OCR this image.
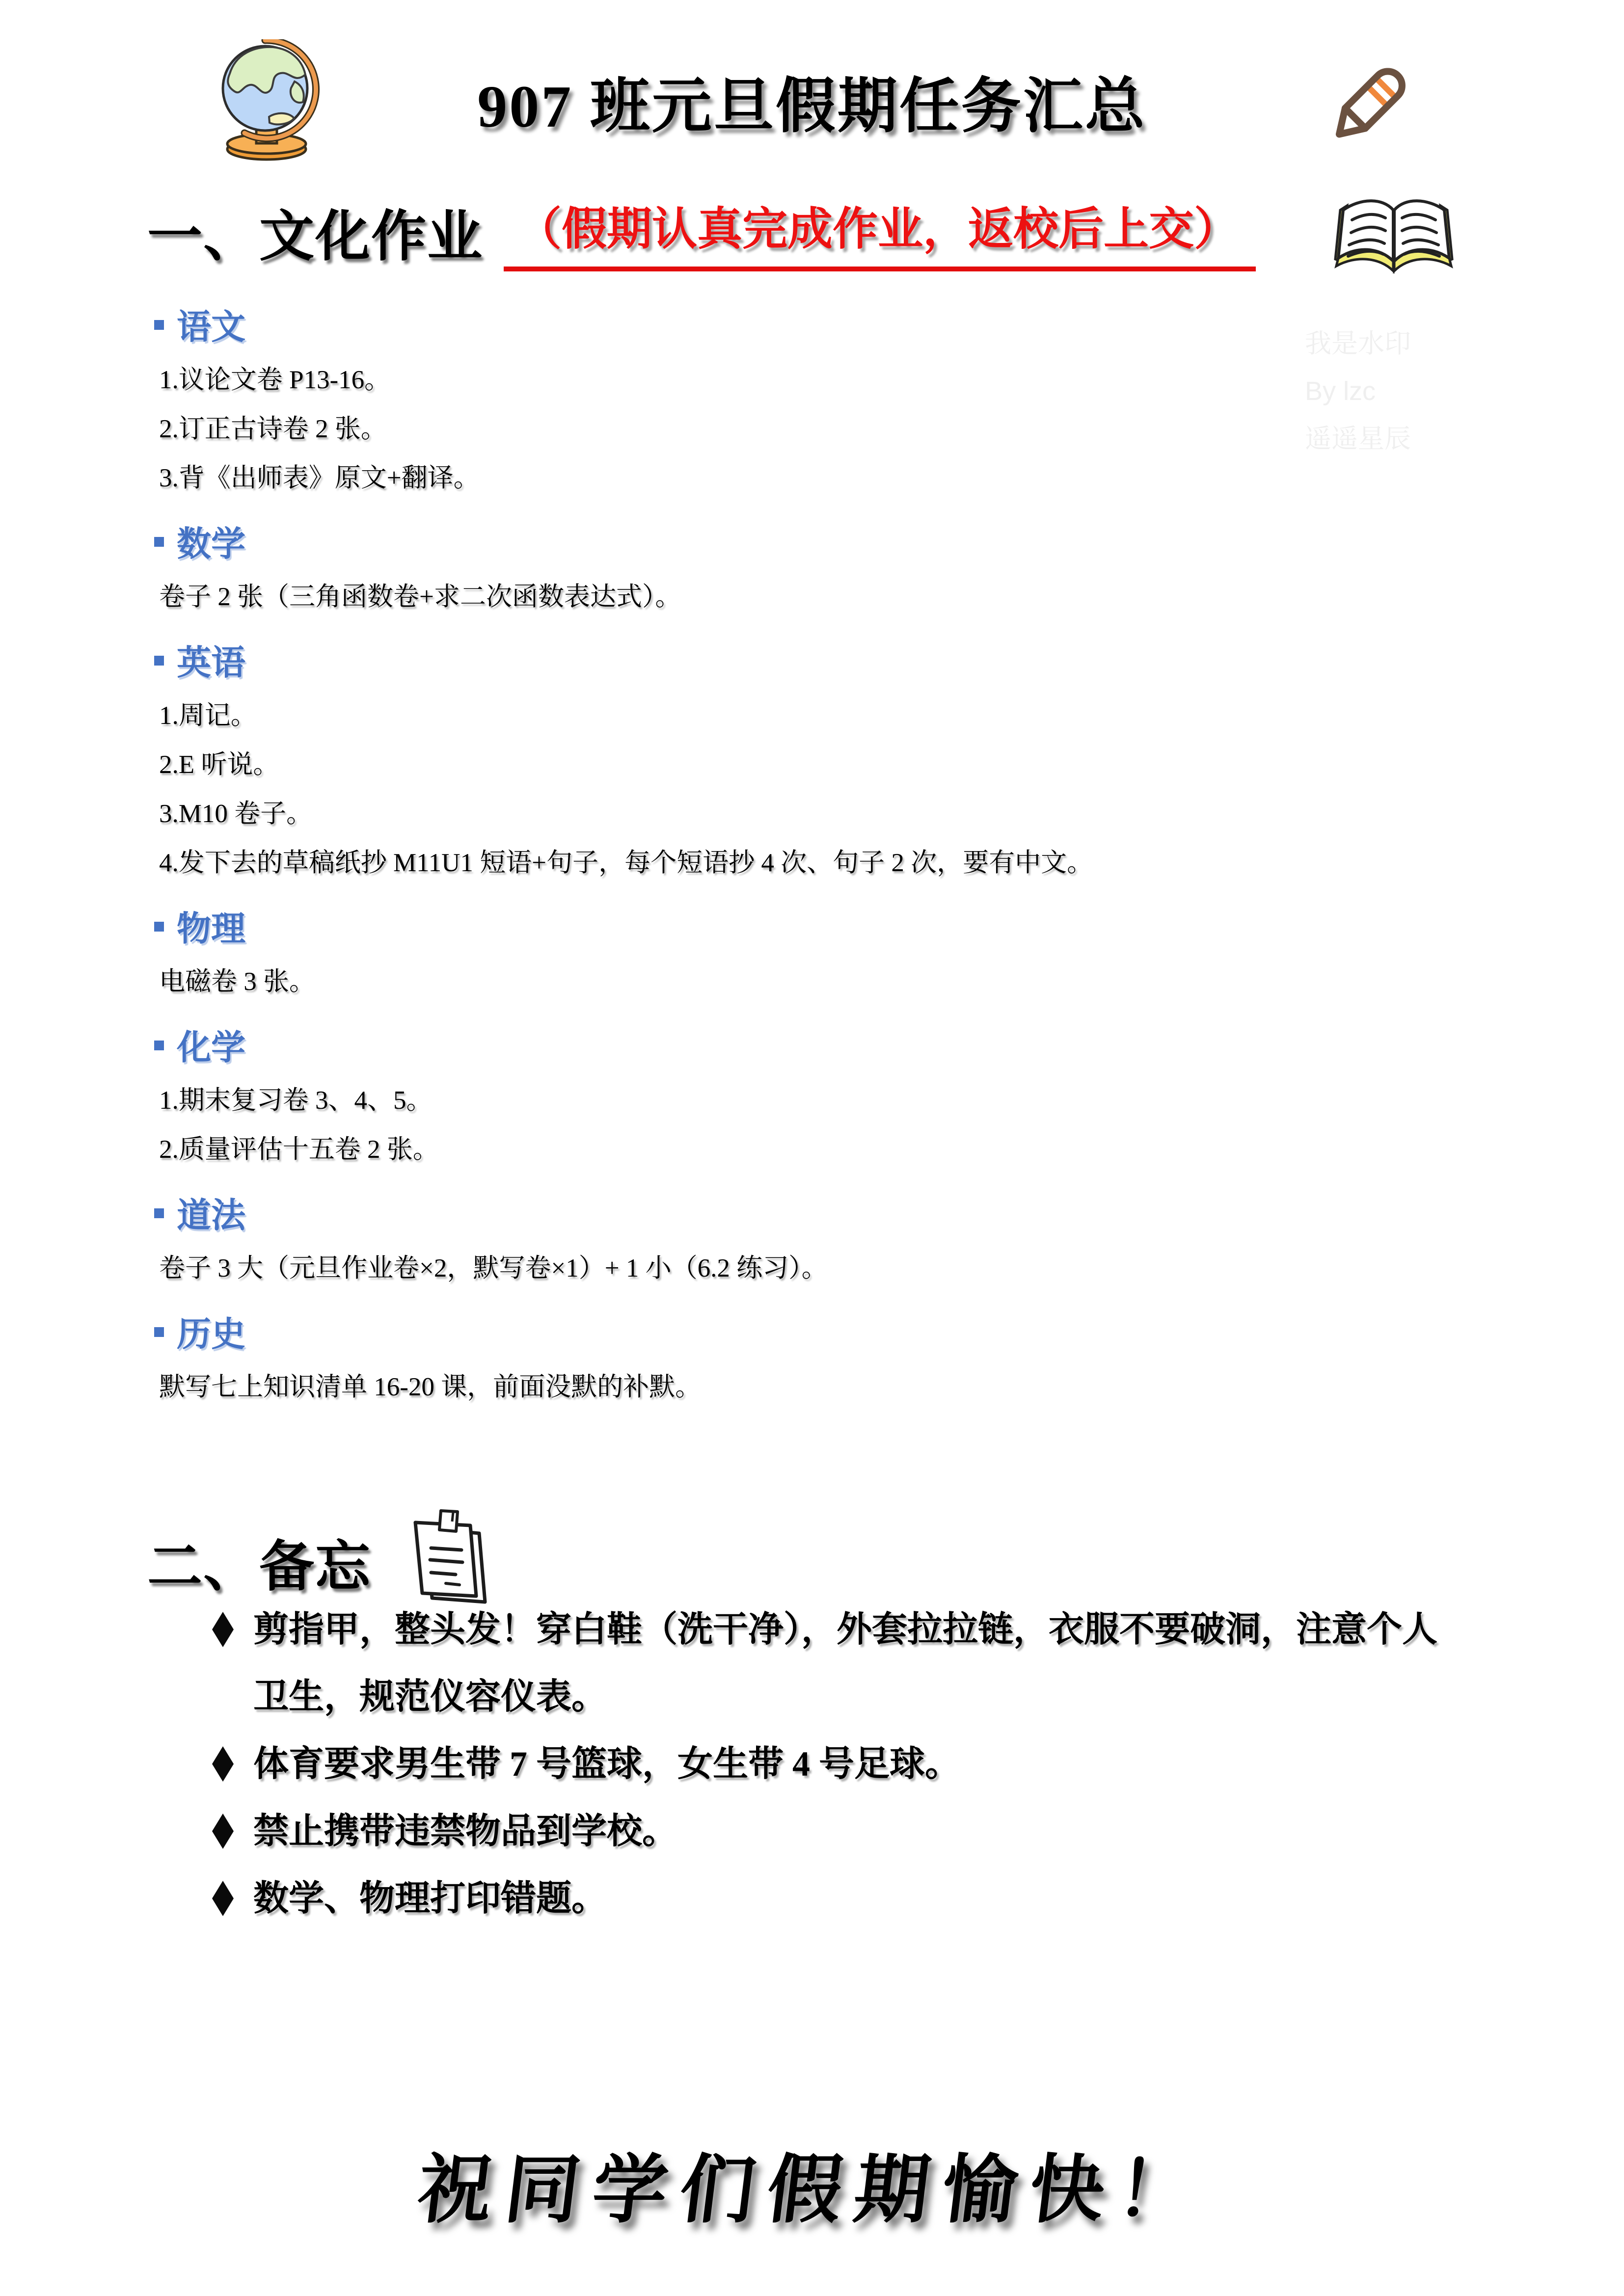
907 班元旦假期任务汇总
一、文化作业 （假期认真完成作业，返校后上交）
我是水印
By lzc
遥遥星辰
语文
1.议论文卷 P13-16。
2.订正古诗卷 2 张。
3.背《出师表》原文+翻译。
数学
卷子 2 张（三角函数卷+求二次函数表达式）。
英语
1.周记。
2.E 听说。
3.M10 卷子。
4.发下去的草稿纸抄 M11U1 短语+句子，每个短语抄 4 次、句子 2 次，要有中文。
物理
电磁卷 3 张。
化学
1.期末复习卷 3、4、5。
2.质量评估十五卷 2 张。
道法
卷子 3 大（元旦作业卷×2，默写卷×1）+ 1 小（6.2 练习）。
历史
默写七上知识清单 16-20 课，前面没默的补默。
二、备忘
剪指甲，整头发！穿白鞋（洗干净），外套拉拉链，衣服不要破洞，注意个人卫生，规范仪容仪表。
体育要求男生带 7 号篮球，女生带 4 号足球。
禁止携带违禁物品到学校。
数学、物理打印错题。
祝同学们假期愉快！
